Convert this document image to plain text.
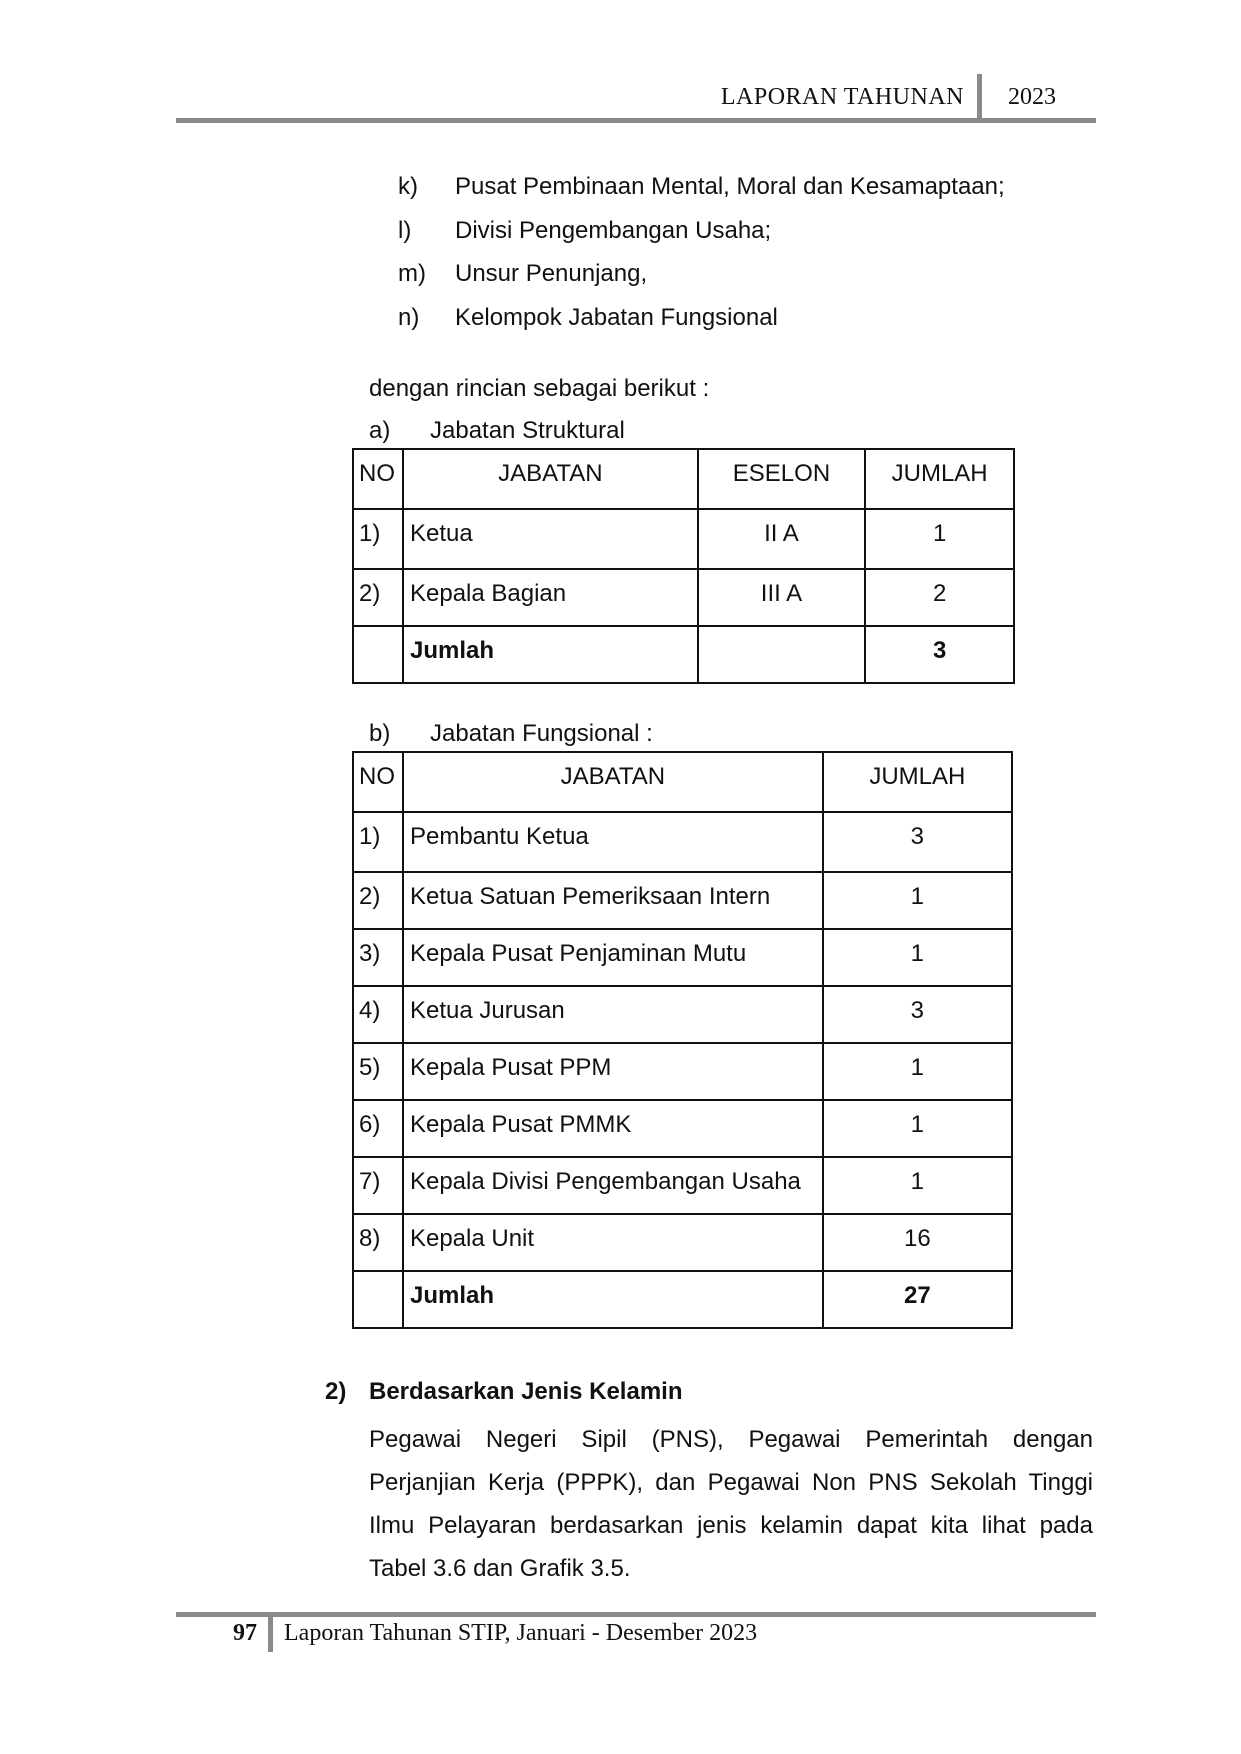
LAPORAN TAHUNAN 2023
k)	Pusat Pembinaan Mental, Moral dan Kesamaptaan;
l)	Divisi Pengembangan Usaha;
m)	Unsur Penunjang,
n)	Kelompok Jabatan Fungsional
dengan rincian sebagai berikut :
a) Jabatan Struktural
NO	JABATAN	ESELON	JUMLAH
1)	Ketua	II A	1
2)	Kepala Bagian	III A	2
	Jumlah		3
b) Jabatan Fungsional :
NO	JABATAN	JUMLAH
1)	Pembantu Ketua	3
2)	Ketua Satuan Pemeriksaan Intern	1
3)	Kepala Pusat Penjaminan Mutu	1
4)	Ketua Jurusan	3
5)	Kepala Pusat PPM	1
6)	Kepala Pusat PMMK	1
7)	Kepala Divisi Pengembangan Usaha	1
8)	Kepala Unit	16
	Jumlah	27
2) Berdasarkan Jenis Kelamin
Pegawai Negeri Sipil (PNS), Pegawai Pemerintah dengan Perjanjian Kerja (PPPK), dan Pegawai Non PNS Sekolah Tinggi Ilmu Pelayaran berdasarkan jenis kelamin dapat kita lihat pada Tabel 3.6 dan Grafik 3.5.
97 Laporan Tahunan STIP, Januari - Desember 2023
